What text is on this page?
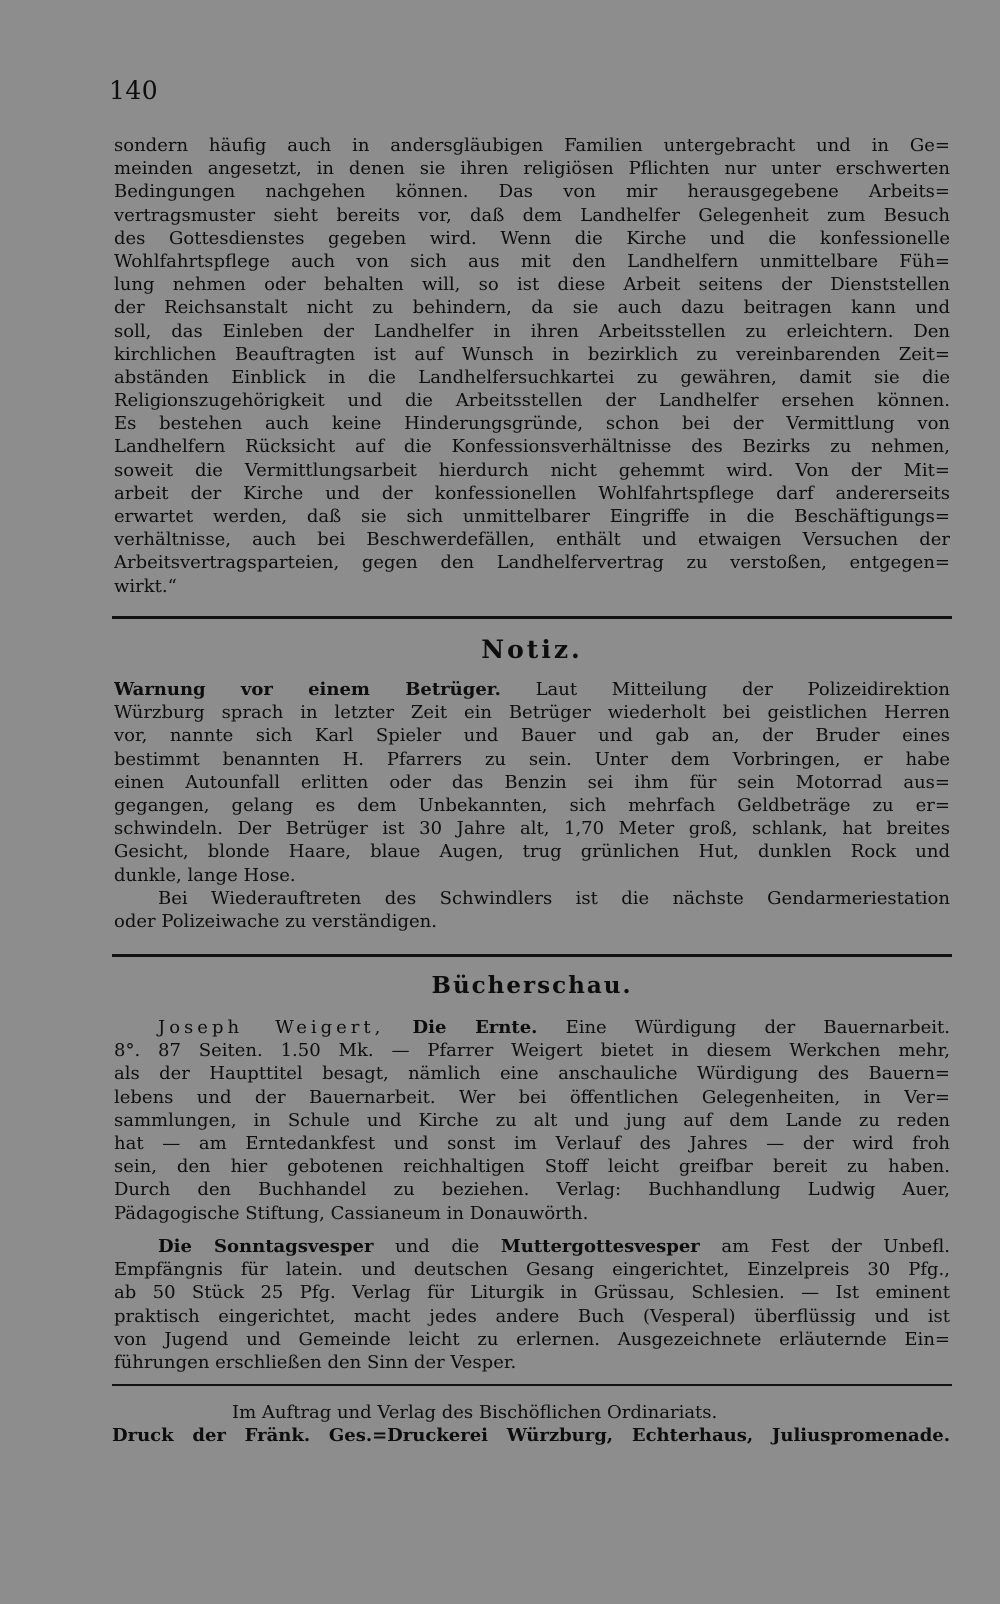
140
sondern häufig auch in andersgläubigen Familien untergebracht und in Ge=
meinden angesetzt, in denen sie ihren religiösen Pflichten nur unter erschwerten
Bedingungen nachgehen können. Das von mir herausgegebene Arbeits=
vertragsmuster sieht bereits vor, daß dem Landhelfer Gelegenheit zum Besuch
des Gottesdienstes gegeben wird. Wenn die Kirche und die konfessionelle
Wohlfahrtspflege auch von sich aus mit den Landhelfern unmittelbare Füh=
lung nehmen oder behalten will, so ist diese Arbeit seitens der Dienststellen
der Reichsanstalt nicht zu behindern, da sie auch dazu beitragen kann und
soll, das Einleben der Landhelfer in ihren Arbeitsstellen zu erleichtern. Den
kirchlichen Beauftragten ist auf Wunsch in bezirklich zu vereinbarenden Zeit=
abständen Einblick in die Landhelfersuchkartei zu gewähren, damit sie die
Religionszugehörigkeit und die Arbeitsstellen der Landhelfer ersehen können.
Es bestehen auch keine Hinderungsgründe, schon bei der Vermittlung von
Landhelfern Rücksicht auf die Konfessionsverhältnisse des Bezirks zu nehmen,
soweit die Vermittlungsarbeit hierdurch nicht gehemmt wird. Von der Mit=
arbeit der Kirche und der konfessionellen Wohlfahrtspflege darf andererseits
erwartet werden, daß sie sich unmittelbarer Eingriffe in die Beschäftigungs=
verhältnisse, auch bei Beschwerdefällen, enthält und etwaigen Versuchen der
Arbeitsvertragsparteien, gegen den Landhelfervertrag zu verstoßen, entgegen=
wirkt.“
Notiz.
Warnung vor einem Betrüger. Laut Mitteilung der Polizeidirektion
Würzburg sprach in letzter Zeit ein Betrüger wiederholt bei geistlichen Herren
vor, nannte sich Karl Spieler und Bauer und gab an, der Bruder eines
bestimmt benannten H. Pfarrers zu sein. Unter dem Vorbringen, er habe
einen Autounfall erlitten oder das Benzin sei ihm für sein Motorrad aus=
gegangen, gelang es dem Unbekannten, sich mehrfach Geldbeträge zu er=
schwindeln. Der Betrüger ist 30 Jahre alt, 1,70 Meter groß, schlank, hat breites
Gesicht, blonde Haare, blaue Augen, trug grünlichen Hut, dunklen Rock und
dunkle, lange Hose.
Bei Wiederauftreten des Schwindlers ist die nächste Gendarmeriestation
oder Polizeiwache zu verständigen.
Bücherschau.
Joseph Weigert, Die Ernte. Eine Würdigung der Bauernarbeit.
8°. 87 Seiten. 1.50 Mk. — Pfarrer Weigert bietet in diesem Werkchen mehr,
als der Haupttitel besagt, nämlich eine anschauliche Würdigung des Bauern=
lebens und der Bauernarbeit. Wer bei öffentlichen Gelegenheiten, in Ver=
sammlungen, in Schule und Kirche zu alt und jung auf dem Lande zu reden
hat — am Erntedankfest und sonst im Verlauf des Jahres — der wird froh
sein, den hier gebotenen reichhaltigen Stoff leicht greifbar bereit zu haben.
Durch den Buchhandel zu beziehen. Verlag: Buchhandlung Ludwig Auer,
Pädagogische Stiftung, Cassianeum in Donauwörth.
Die Sonntagsvesper und die Muttergottesvesper am Fest der Unbefl.
Empfängnis für latein. und deutschen Gesang eingerichtet, Einzelpreis 30 Pfg.,
ab 50 Stück 25 Pfg. Verlag für Liturgik in Grüssau, Schlesien. — Ist eminent
praktisch eingerichtet, macht jedes andere Buch (Vesperal) überflüssig und ist
von Jugend und Gemeinde leicht zu erlernen. Ausgezeichnete erläuternde Ein=
führungen erschließen den Sinn der Vesper.
Im Auftrag und Verlag des Bischöflichen Ordinariats.
Druck der Fränk. Ges.=Druckerei Würzburg, Echterhaus, Juliuspromenade.
